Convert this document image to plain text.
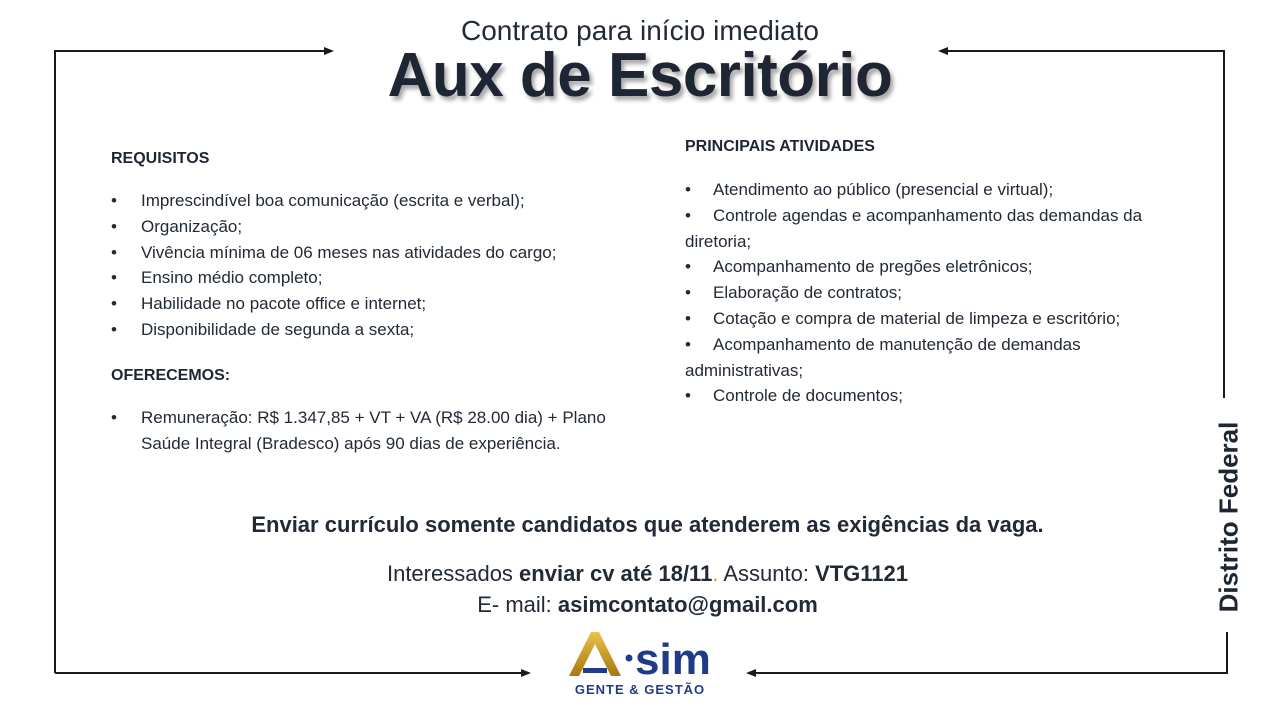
Contrato para início imediato
Aux de Escritório
REQUISITOS
• Imprescindível boa comunicação (escrita e verbal);
• Organização;
• Vivência mínima de 06 meses nas atividades do cargo;
• Ensino médio completo;
• Habilidade no pacote office e internet;
• Disponibilidade de segunda a sexta;
OFERECEMOS:
• Remuneração: R$ 1.347,85 + VT + VA (R$ 28.00 dia) + Plano Saúde Integral (Bradesco) após 90 dias de experiência.
PRINCIPAIS ATIVIDADES
• Atendimento ao público (presencial e virtual);
• Controle agendas e acompanhamento das demandas da diretoria;
• Acompanhamento de pregões eletrônicos;
• Elaboração de contratos;
• Cotação e compra de material de limpeza e escritório;
• Acompanhamento de manutenção de demandas administrativas;
• Controle de documentos;
Enviar currículo somente candidatos que atenderem as exigências da vaga.
Interessados enviar cv até 18/11. Assunto: VTG1121
E- mail: asimcontato@gmail.com	Distrito Federal
sim
GENTE & GESTÃO
